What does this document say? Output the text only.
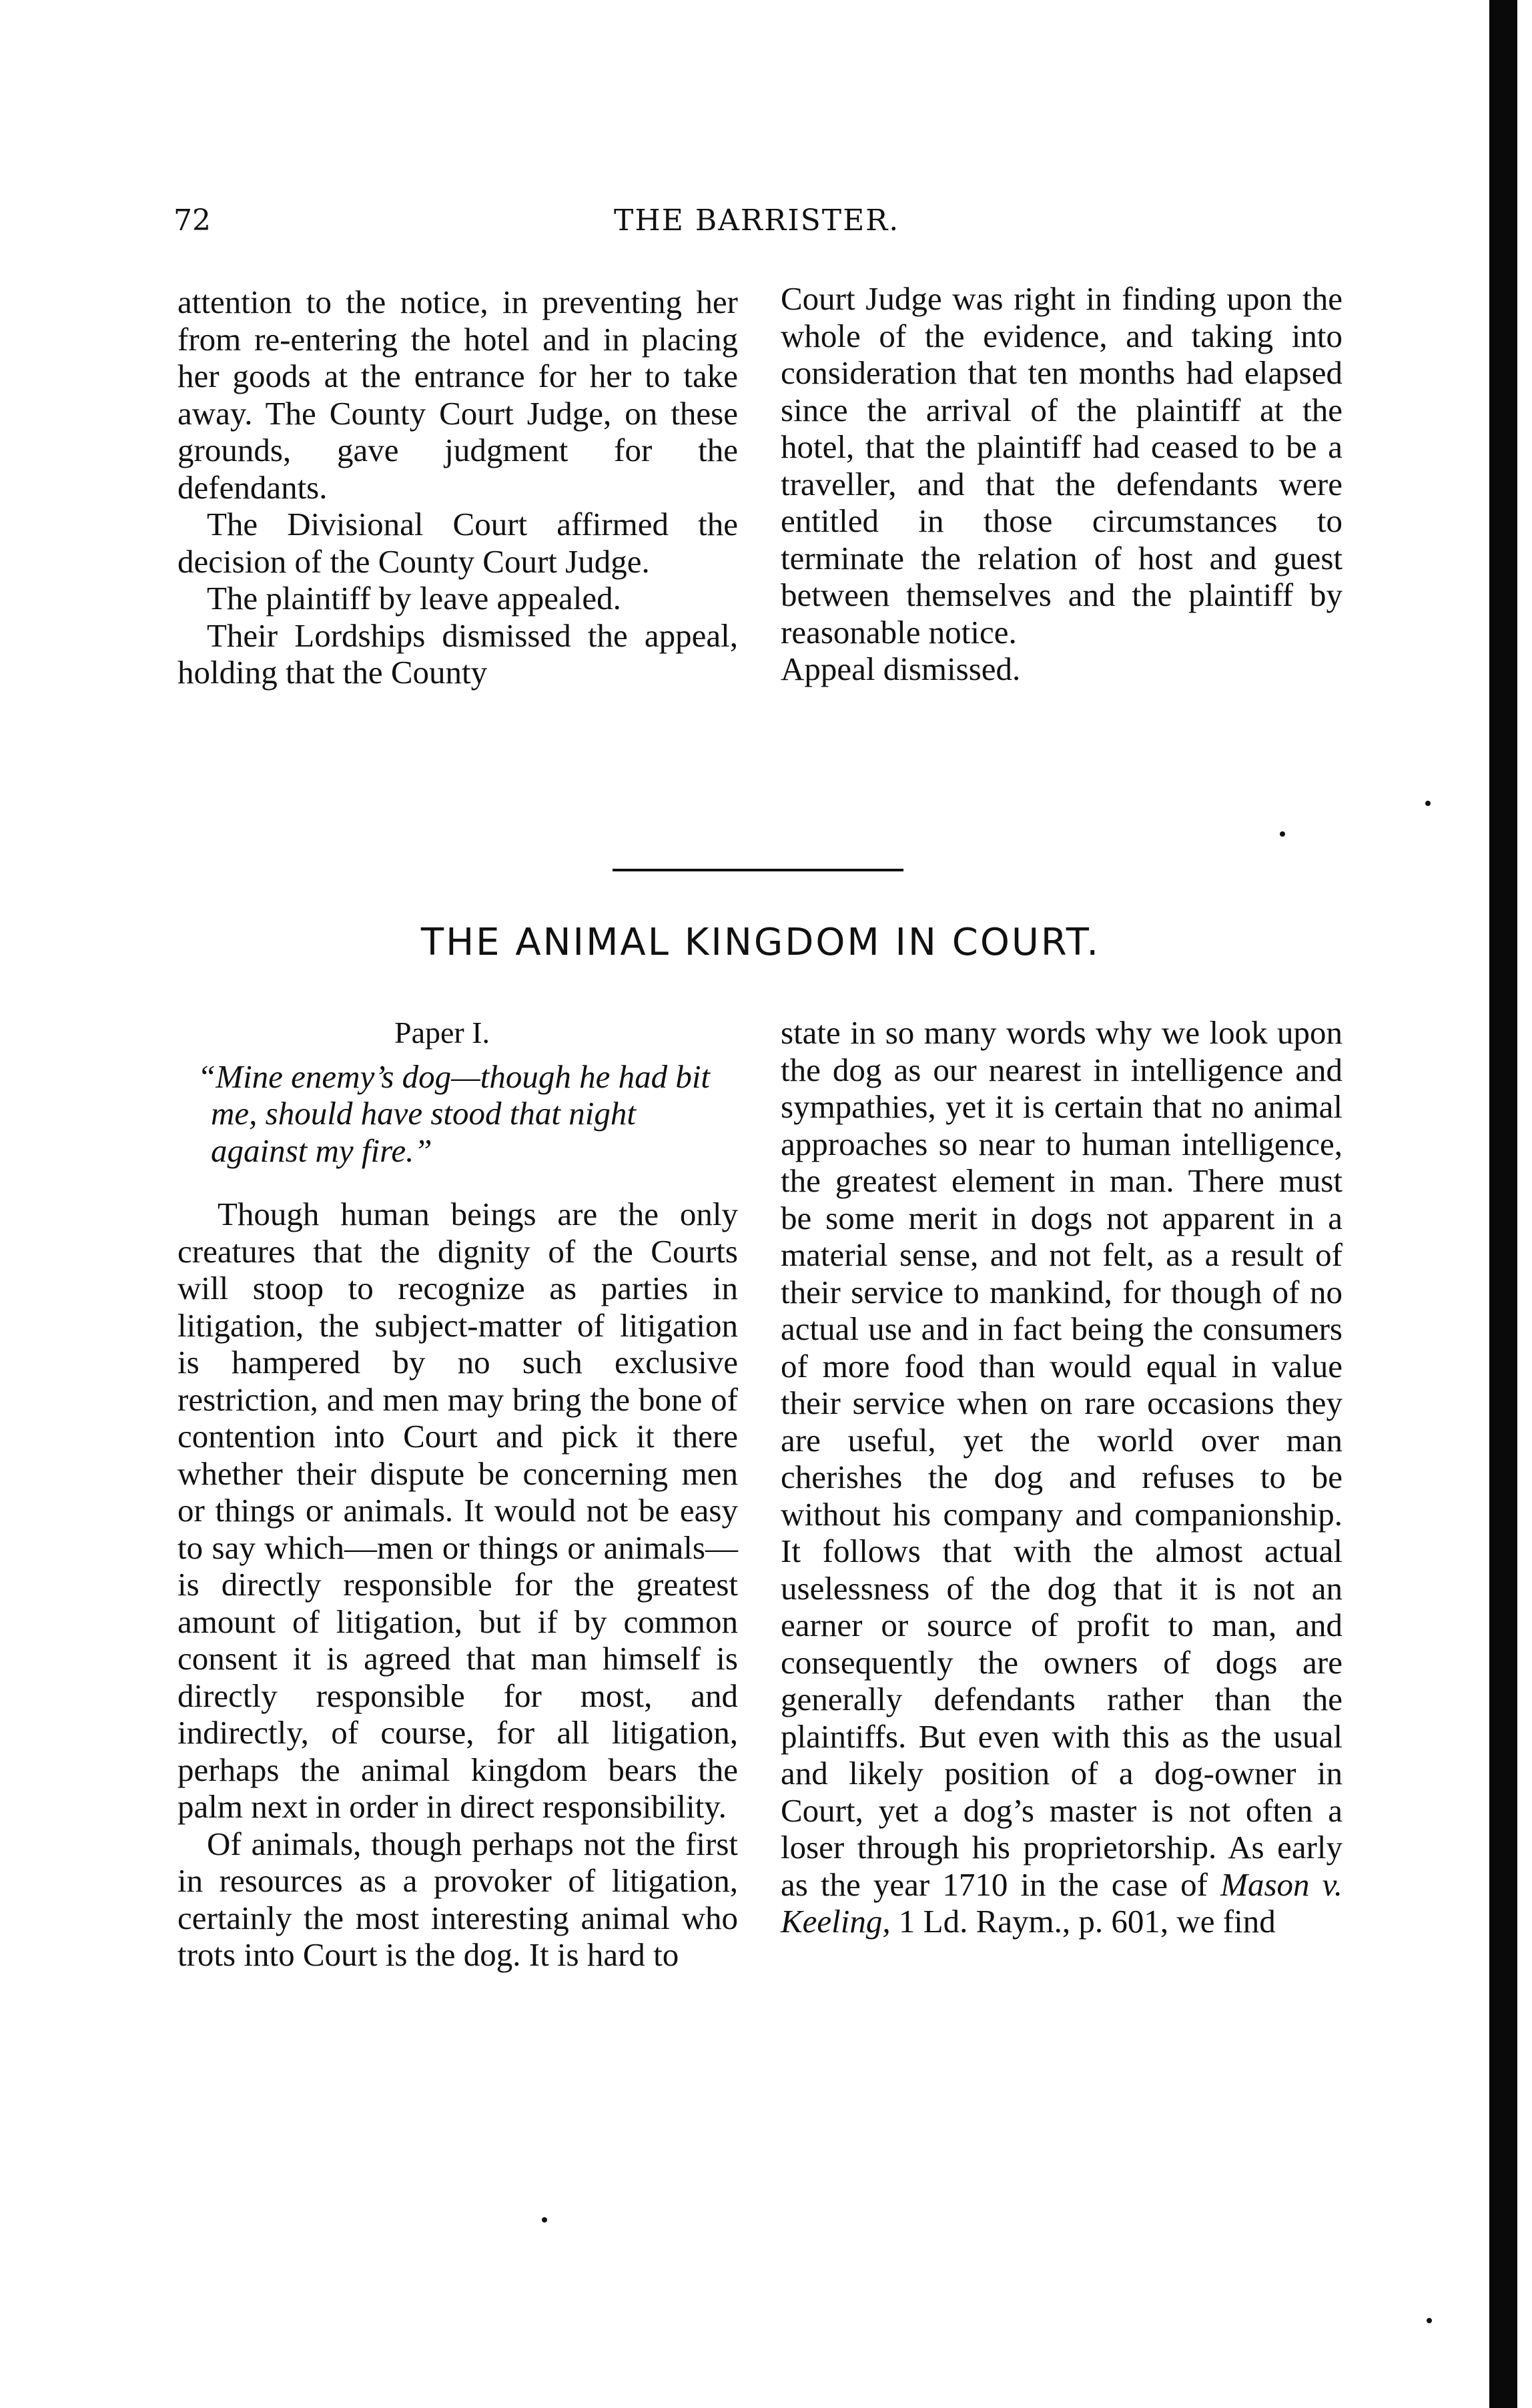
72	THE BARRISTER.

attention to the notice, in preventing her from re-entering the hotel and in placing her goods at the entrance for her to take away. The County Court Judge, on these grounds, gave judgment for the defendants.

The Divisional Court affirmed the decision of the County Court Judge.

The plaintiff by leave appealed.

Their Lordships dismissed the appeal, holding that the County

Court Judge was right in finding upon the whole of the evidence, and taking into consideration that ten months had elapsed since the arrival of the plaintiff at the hotel, that the plaintiff had ceased to be a traveller, and that the defendants were entitled in those circumstances to terminate the relation of host and guest between themselves and the plaintiff by reasonable notice.

Appeal dismissed.

THE ANIMAL KINGDOM IN COURT.

Paper I.

“Mine enemy’s dog—though he had bit me, should have stood that night against my fire.”

Though human beings are the only creatures that the dignity of the Courts will stoop to recognize as parties in litigation, the subject-matter of litigation is hampered by no such exclusive restriction, and men may bring the bone of contention into Court and pick it there whether their dispute be concerning men or things or animals. It would not be easy to say which—men or things or animals—is directly responsible for the greatest amount of litigation, but if by common consent it is agreed that man himself is directly responsible for most, and indirectly, of course, for all litigation, perhaps the animal kingdom bears the palm next in order in direct responsibility.

Of animals, though perhaps not the first in resources as a provoker of litigation, certainly the most interesting animal who trots into Court is the dog. It is hard to

state in so many words why we look upon the dog as our nearest in intelligence and sympathies, yet it is certain that no animal approaches so near to human intelligence, the greatest element in man. There must be some merit in dogs not apparent in a material sense, and not felt, as a result of their service to mankind, for though of no actual use and in fact being the consumers of more food than would equal in value their service when on rare occasions they are useful, yet the world over man cherishes the dog and refuses to be without his company and companionship. It follows that with the almost actual uselessness of the dog that it is not an earner or source of profit to man, and consequently the owners of dogs are generally defendants rather than the plaintiffs. But even with this as the usual and likely position of a dog-owner in Court, yet a dog’s master is not often a loser through his proprietorship. As early as the year 1710 in the case of Mason v. Keeling, 1 Ld. Raym., p. 601, we find
